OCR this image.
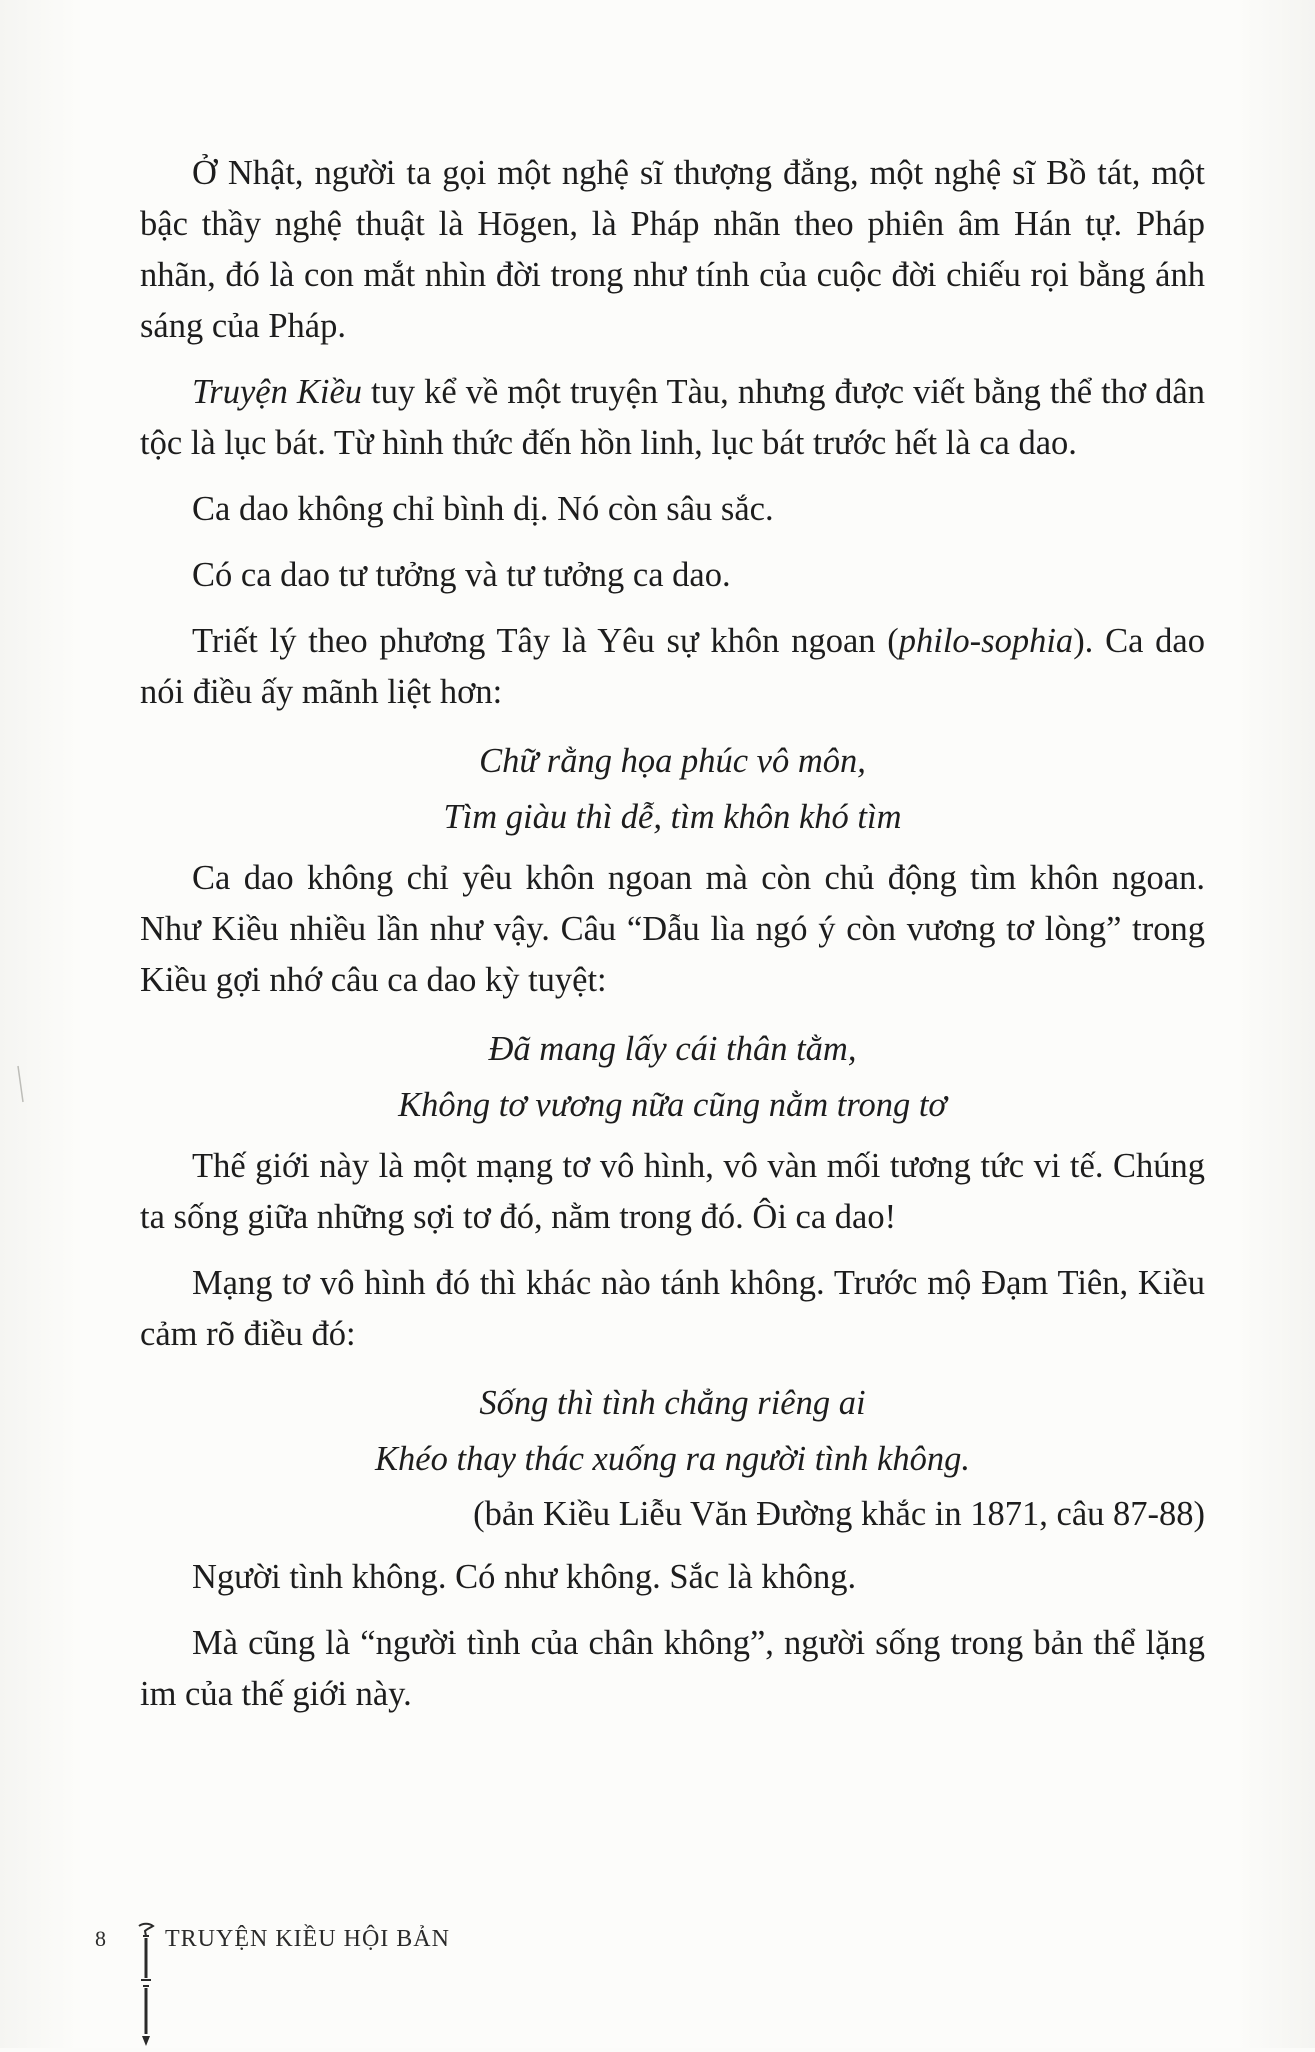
Ở Nhật, người ta gọi một nghệ sĩ thượng đẳng, một nghệ sĩ Bồ tát, một bậc thầy nghệ thuật là Hōgen, là Pháp nhãn theo phiên âm Hán tự. Pháp nhãn, đó là con mắt nhìn đời trong như tính của cuộc đời chiếu rọi bằng ánh sáng của Pháp.

Truyện Kiều tuy kể về một truyện Tàu, nhưng được viết bằng thể thơ dân tộc là lục bát. Từ hình thức đến hồn linh, lục bát trước hết là ca dao.

Ca dao không chỉ bình dị. Nó còn sâu sắc.

Có ca dao tư tưởng và tư tưởng ca dao.

Triết lý theo phương Tây là Yêu sự khôn ngoan (philo-sophia). Ca dao nói điều ấy mãnh liệt hơn:

Chữ rằng họa phúc vô môn,
Tìm giàu thì dễ, tìm khôn khó tìm

Ca dao không chỉ yêu khôn ngoan mà còn chủ động tìm khôn ngoan. Như Kiều nhiều lần như vậy. Câu “Dẫu lìa ngó ý còn vương tơ lòng” trong Kiều gợi nhớ câu ca dao kỳ tuyệt:

Đã mang lấy cái thân tằm,
Không tơ vương nữa cũng nằm trong tơ

Thế giới này là một mạng tơ vô hình, vô vàn mối tương tức vi tế. Chúng ta sống giữa những sợi tơ đó, nằm trong đó. Ôi ca dao!

Mạng tơ vô hình đó thì khác nào tánh không. Trước mộ Đạm Tiên, Kiều cảm rõ điều đó:

Sống thì tình chẳng riêng ai
Khéo thay thác xuống ra người tình không.
(bản Kiều Liễu Văn Đường khắc in 1871, câu 87-88)

Người tình không. Có như không. Sắc là không.

Mà cũng là “người tình của chân không”, người sống trong bản thể lặng im của thế giới này.

8 TRUYỆN KIỀU HỘI BẢN
